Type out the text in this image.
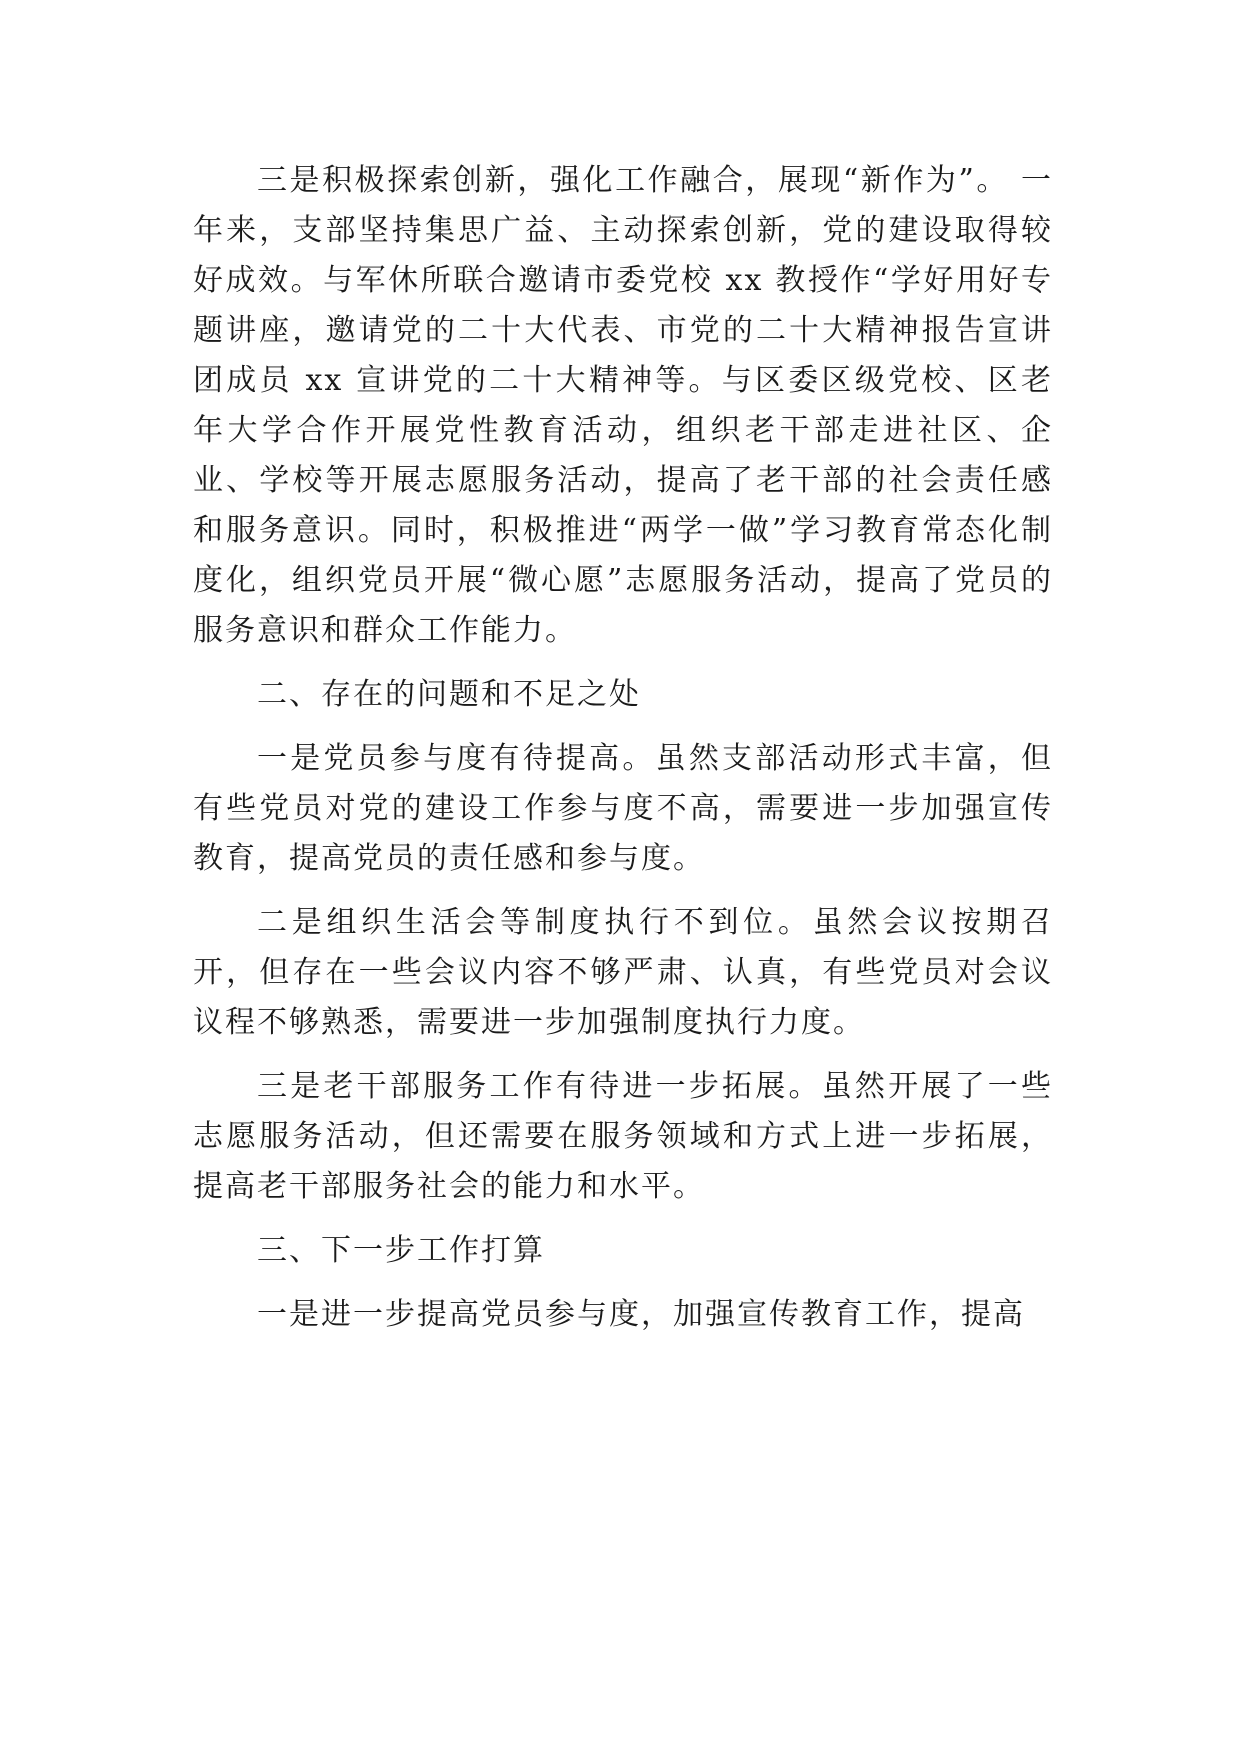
三是积极探索创新，强化工作融合，展现“新作为”。 一年来，支部坚持集思广益、主动探索创新，党的建设取得较好成效。与军休所联合邀请市委党校 xx 教授作“学好用好专题讲座，邀请党的二十大代表、市党的二十大精神报告宣讲团成员 xx 宣讲党的二十大精神等。与区委区级党校、区老年大学合作开展党性教育活动，组织老干部走进社区、企业、学校等开展志愿服务活动，提高了老干部的社会责任感和服务意识。同时，积极推进“两学一做”学习教育常态化制度化，组织党员开展“微心愿”志愿服务活动，提高了党员的服务意识和群众工作能力。

二、存在的问题和不足之处

一是党员参与度有待提高。虽然支部活动形式丰富，但有些党员对党的建设工作参与度不高，需要进一步加强宣传教育，提高党员的责任感和参与度。

二是组织生活会等制度执行不到位。虽然会议按期召开，但存在一些会议内容不够严肃、认真，有些党员对会议议程不够熟悉，需要进一步加强制度执行力度。

三是老干部服务工作有待进一步拓展。虽然开展了一些志愿服务活动，但还需要在服务领域和方式上进一步拓展，提高老干部服务社会的能力和水平。

三、下一步工作打算

一是进一步提高党员参与度，加强宣传教育工作，提高
